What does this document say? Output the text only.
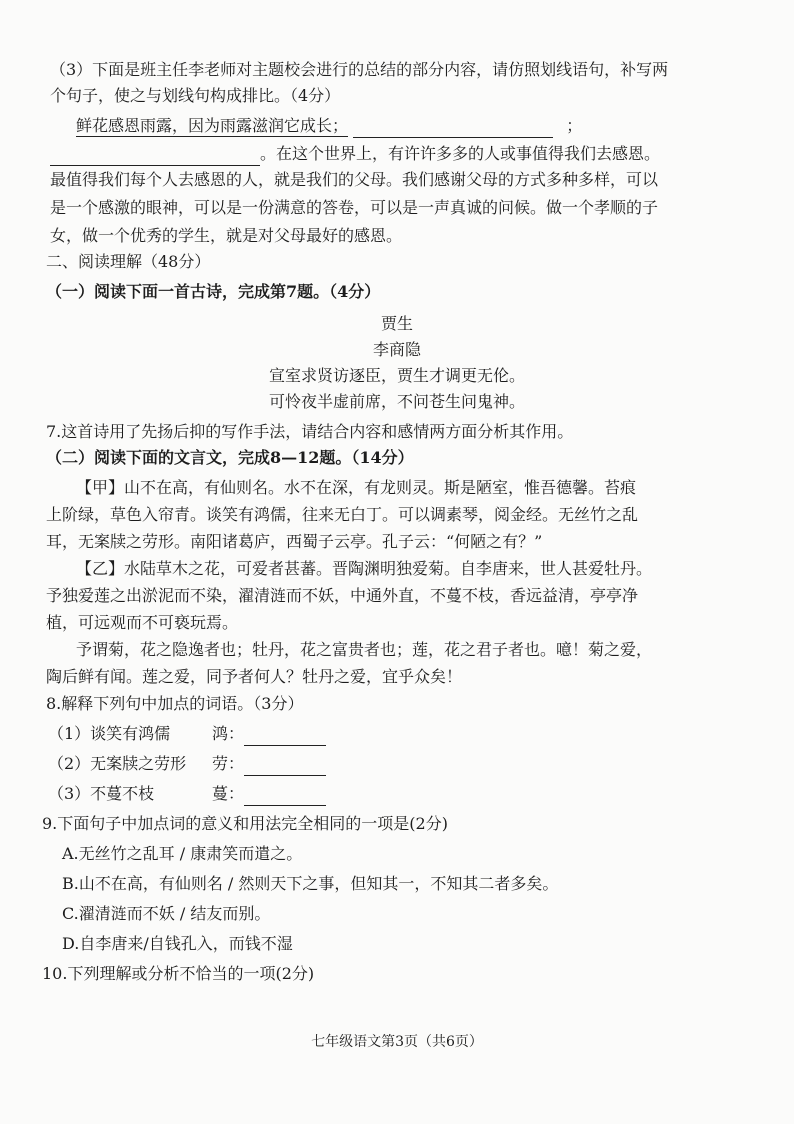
（3）下面是班主任李老师对主题校会进行的总结的部分内容，请仿照划线语句，补写两
个句子，使之与划线句构成排比。（4分）
鲜花感恩雨露，因为雨露滋润它成长；	；
。在这个世界上，有许许多多的人或事值得我们去感恩。
最值得我们每个人去感恩的人，就是我们的父母。我们感谢父母的方式多种多样，可以
是一个感激的眼神，可以是一份满意的答卷，可以是一声真诚的问候。做一个孝顺的子
女，做一个优秀的学生，就是对父母最好的感恩。
二、阅读理解（48分）
（一）阅读下面一首古诗，完成第7题。（4分）
贾生
李商隐
宣室求贤访逐臣，贾生才调更无伦。
可怜夜半虚前席，不问苍生问鬼神。
7.这首诗用了先扬后抑的写作手法，请结合内容和感情两方面分析其作用。
（二）阅读下面的文言文，完成8—12题。（14分）
【甲】山不在高，有仙则名。水不在深，有龙则灵。斯是陋室，惟吾德馨。苔痕
上阶绿，草色入帘青。谈笑有鸿儒，往来无白丁。可以调素琴，阅金经。无丝竹之乱
耳，无案牍之劳形。南阳诸葛庐，西蜀子云亭。孔子云：“何陋之有？”
【乙】水陆草木之花，可爱者甚蕃。晋陶渊明独爱菊。自李唐来，世人甚爱牡丹。
予独爱莲之出淤泥而不染，濯清涟而不妖，中通外直，不蔓不枝，香远益清，亭亭净
植，可远观而不可亵玩焉。
予谓菊，花之隐逸者也；牡丹，花之富贵者也；莲，花之君子者也。噫！菊之爱，
陶后鲜有闻。莲之爱，同予者何人？牡丹之爱，宜乎众矣！
8.解释下列句中加点的词语。（3分）
（1）谈笑有鸿儒	鸿：
（2）无案牍之劳形 劳：
（3）不蔓不枝	蔓：
9.下面句子中加点词的意义和用法完全相同的一项是(2分)
A.无丝竹之乱耳 / 康肃笑而遣之。
B.山不在高，有仙则名 / 然则天下之事，但知其一，不知其二者多矣。
C.濯清涟而不妖 / 结友而别。
D.自李唐来/自钱孔入，而钱不湿
10.下列理解或分析不恰当的一项(2分)
七年级语文第3页（共6页）
